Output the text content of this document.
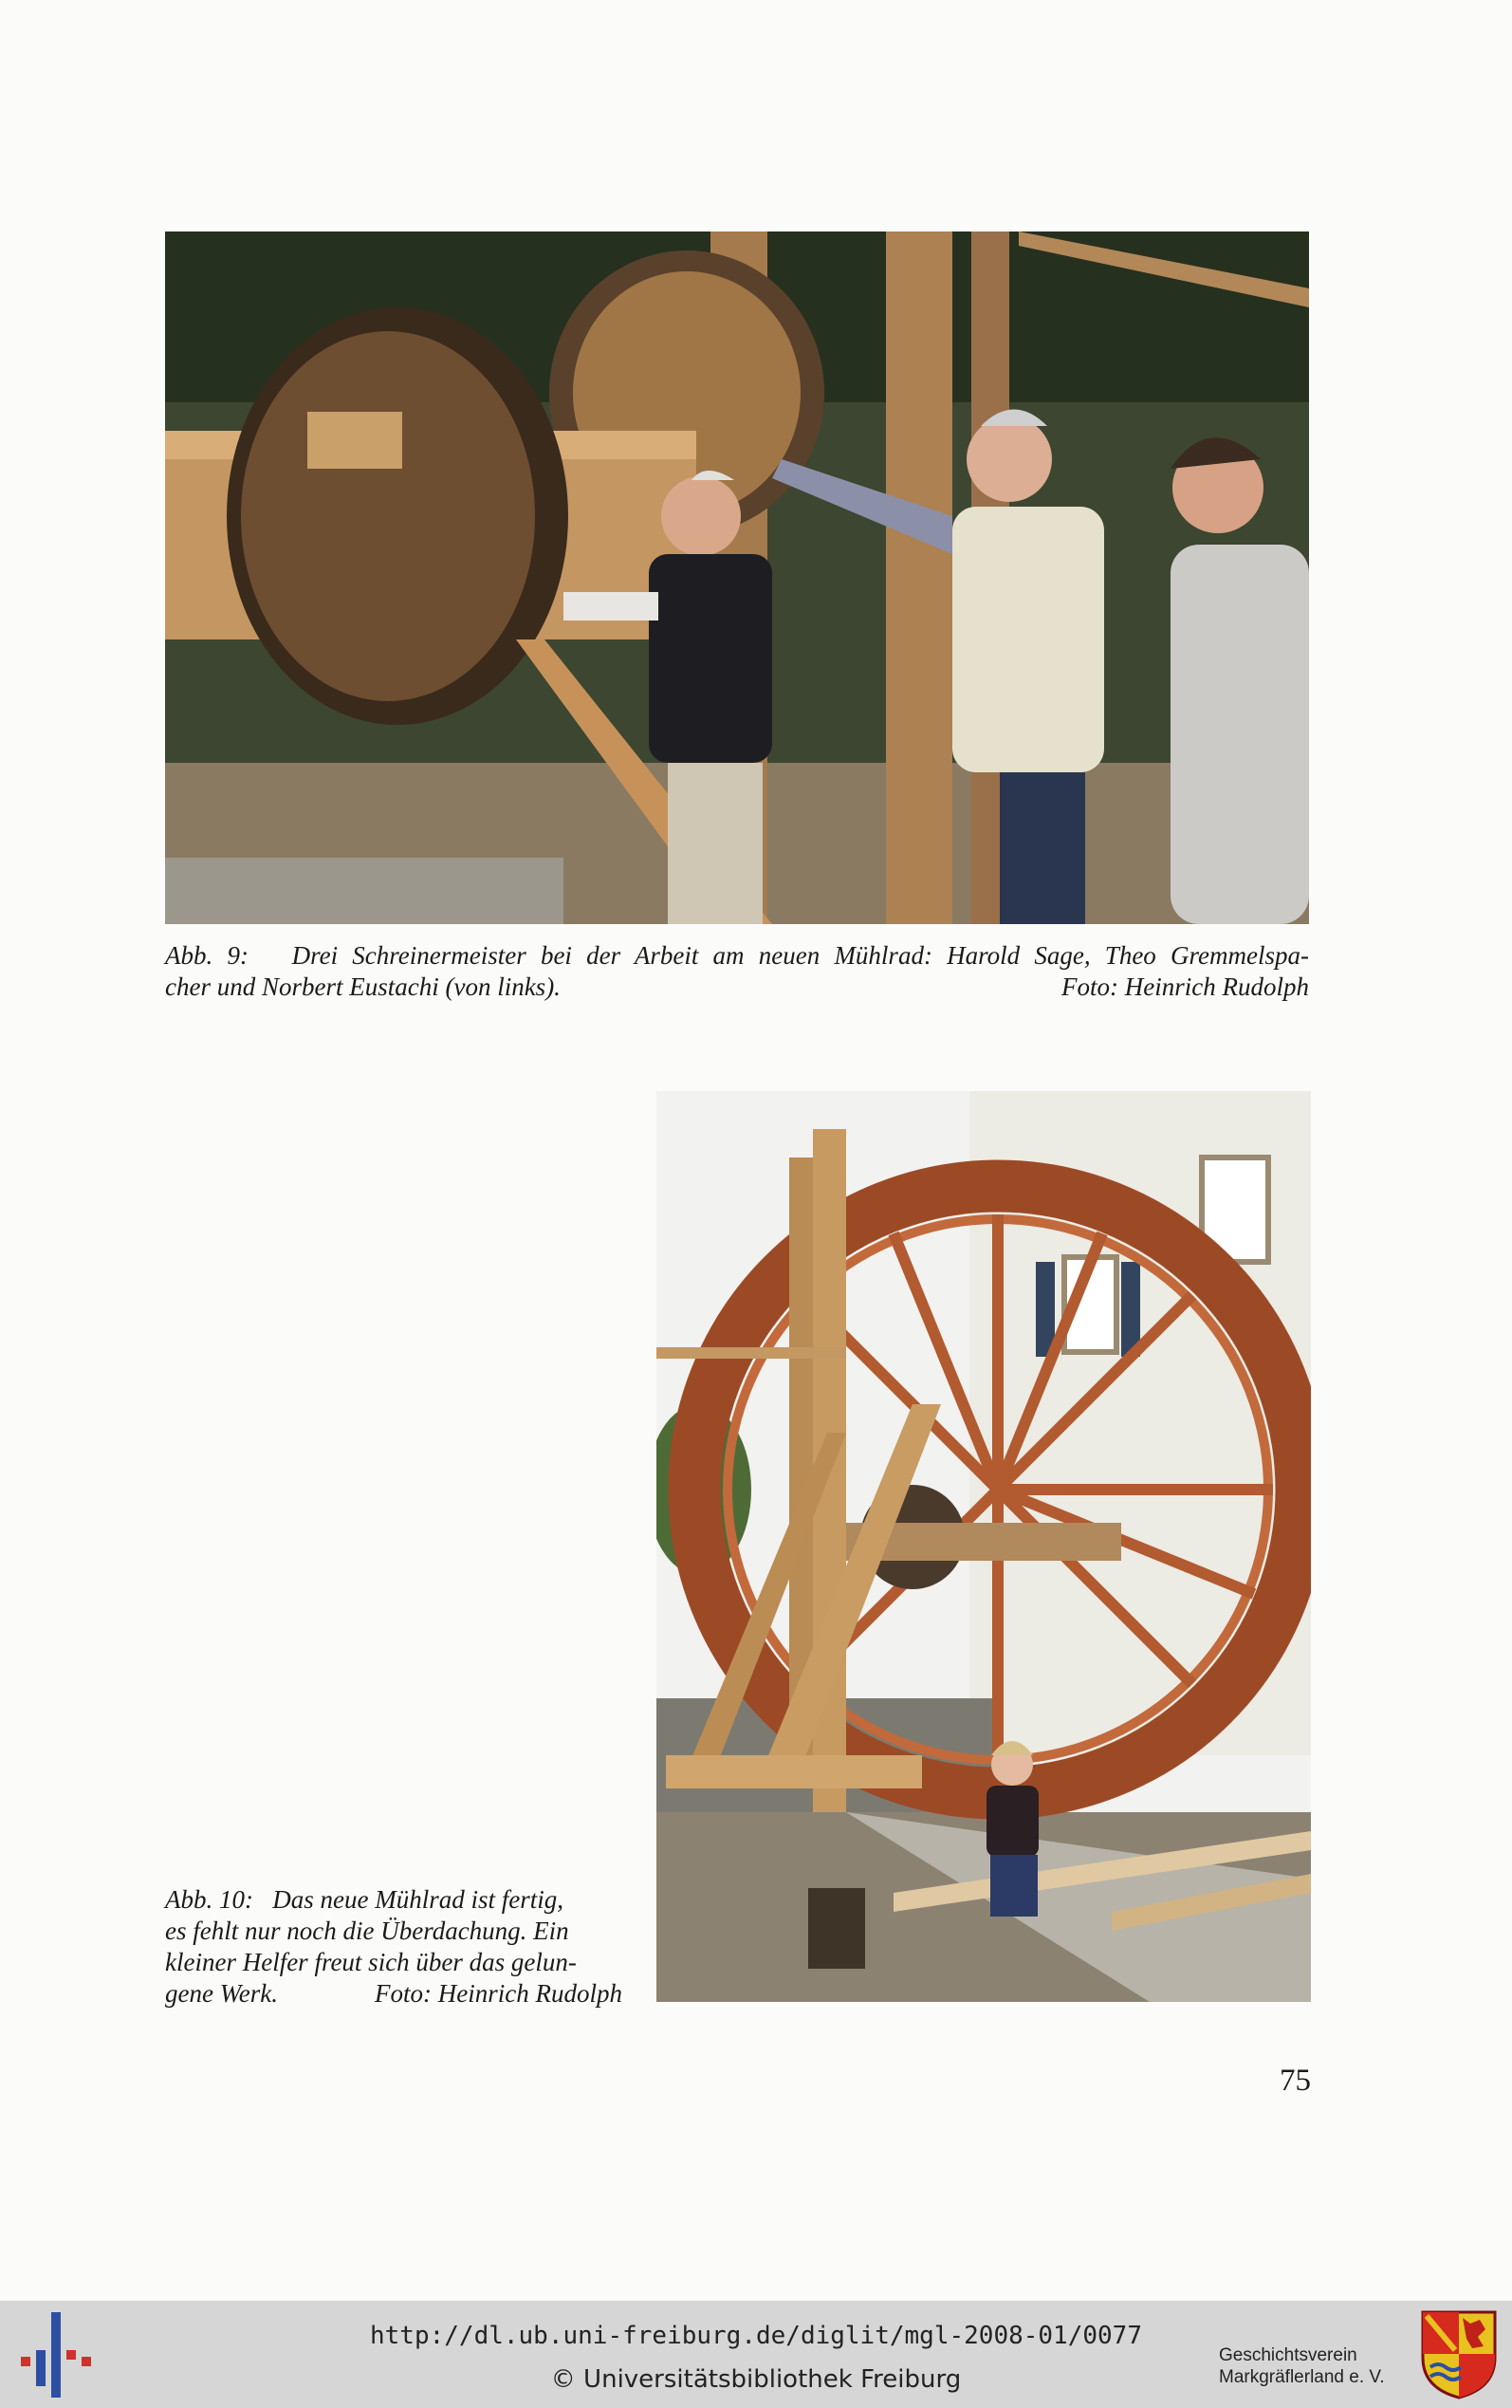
Abb. 9:   Drei Schreinermeister bei der Arbeit am neuen Mühlrad: Harold Sage, Theo Gremmelspa-
cher und Norbert Eustachi (von links).	Foto: Heinrich Rudolph
Abb. 10:   Das neue Mühlrad ist fertig,
es fehlt nur noch die Überdachung. Ein
kleiner Helfer freut sich über das gelun-
gene Werk.	Foto: Heinrich Rudolph
75
http://dl.ub.uni-freiburg.de/diglit/mgl-2008-01/0077
© Universitätsbibliothek Freiburg
Geschichtsverein
Markgräflerland e. V.
